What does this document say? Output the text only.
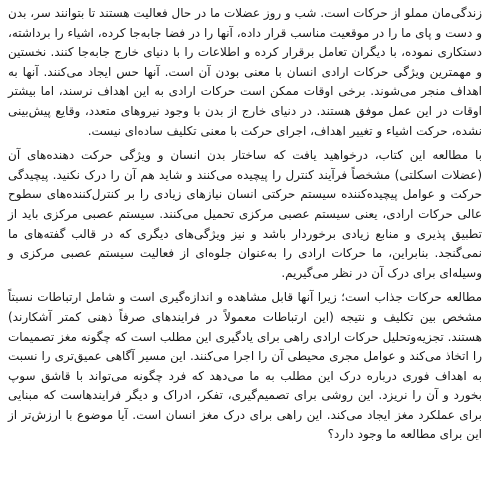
زندگی‌مان مملو از حرکات است. شب و روز عضلات ما در حال فعالیت هستند تا بتوانند سر، بدن و دست و پای ما را در موقعیت مناسب قرار داده، آنها را در فضا جابه‌جا کرده، اشیاء را برداشته، دستکاری نموده، با دیگران تعامل برقرار کرده و اطلاعات را با دنیای خارج جابه‌جا کنند. نخستین و مهمترین ویژگی حرکات ارادی انسان با معنی بودن آن است. آنها حس ایجاد می‌کنند. آنها به اهداف منجر می‌شوند. برخی اوقات ممکن است حرکات ارادی به این اهداف نرسند، اما بیشتر اوقات در این عمل موفق هستند. در دنیای خارج از بدن با وجود نیروهای متعدد، وقایع پیش‌بینی نشده، حرکت اشیاء و تغییر اهداف، اجرای حرکت با معنی تکلیف ساده‌ای نیست.

با مطالعه این کتاب، درخواهید یافت که ساختار بدن انسان و ویژگی حرکت دهنده‌های آن (عضلات اسکلتی) مشخصاً فرآیند کنترل را پیچیده می‌کنند و شاید هم آن را درک نکنید. پیچیدگی حرکت و عوامل پیچیده‌کننده سیستم حرکتی انسان نیازهای زیادی را بر کنترل‌کننده‌های سطوح عالی حرکات ارادی، یعنی سیستم عصبی مرکزی تحمیل می‌کنند. سیستم عصبی مرکزی باید از تطبیق پذیری و منابع زیادی برخوردار باشد و نیز ویژگی‌های دیگری که در قالب گفته‌های ما نمی‌گنجد. بنابراین، ما حرکات ارادی را به‌عنوان جلوه‌ای از فعالیت سیستم عصبی مرکزی و وسیله‌ای برای درک آن در نظر می‌گیریم.

مطالعه حرکات جذاب است؛ زیرا آنها قابل مشاهده و اندازه‌گیری است و شامل ارتباطات نسبتاً مشخص بین تکلیف و نتیجه (این ارتباطات معمولاً در فرایندهای صرفاً ذهنی کمتر آشکارند) هستند. تجزیه‌وتحلیل حرکات ارادی راهی برای یادگیری این مطلب است که چگونه مغز تصمیمات را اتخاذ می‌کند و عوامل مجری محیطی آن را اجرا می‌کنند. این مسیر آگاهی عمیق‌تری را نسبت به اهداف فوری درباره درک این مطلب به ما می‌دهد که فرد چگونه می‌تواند با قاشق سوپ بخورد و آن را نریزد. این روشی برای تصمیم‌گیری، تفکر، ادراک و دیگر فرایندهاست که مبنایی برای عملکرد مغز ایجاد می‌کند. این راهی برای درک مغز انسان است. آیا موضوع با ارزش‌تر از این برای مطالعه ما وجود دارد؟
